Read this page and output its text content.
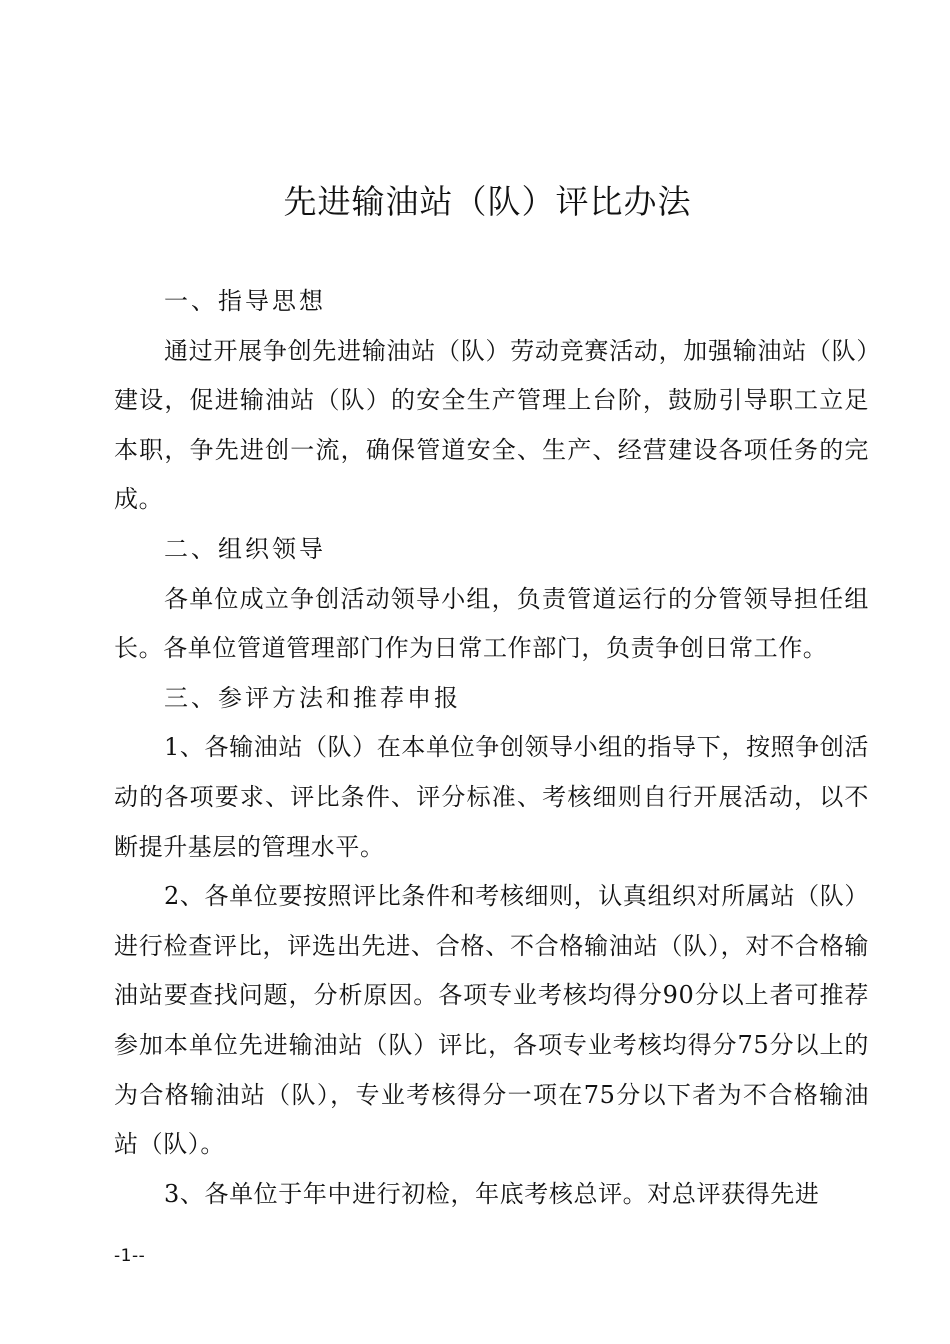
先进输油站（队）评比办法

一、指导思想

通过开展争创先进输油站（队）劳动竞赛活动，加强输油站（队）建设，促进输油站（队）的安全生产管理上台阶，鼓励引导职工立足本职，争先进创一流，确保管道安全、生产、经营建设各项任务的完成。

二、组织领导

各单位成立争创活动领导小组，负责管道运行的分管领导担任组长。各单位管道管理部门作为日常工作部门，负责争创日常工作。

三、参评方法和推荐申报

1、各输油站（队）在本单位争创领导小组的指导下，按照争创活动的各项要求、评比条件、评分标准、考核细则自行开展活动，以不断提升基层的管理水平。

2、各单位要按照评比条件和考核细则，认真组织对所属站（队）进行检查评比，评选出先进、合格、不合格输油站（队），对不合格输油站要查找问题，分析原因。各项专业考核均得分90分以上者可推荐参加本单位先进输油站（队）评比，各项专业考核均得分75分以上的为合格输油站（队），专业考核得分一项在75分以下者为不合格输油站（队）。

3、各单位于年中进行初检，年底考核总评。对总评获得先进

-1-‐
